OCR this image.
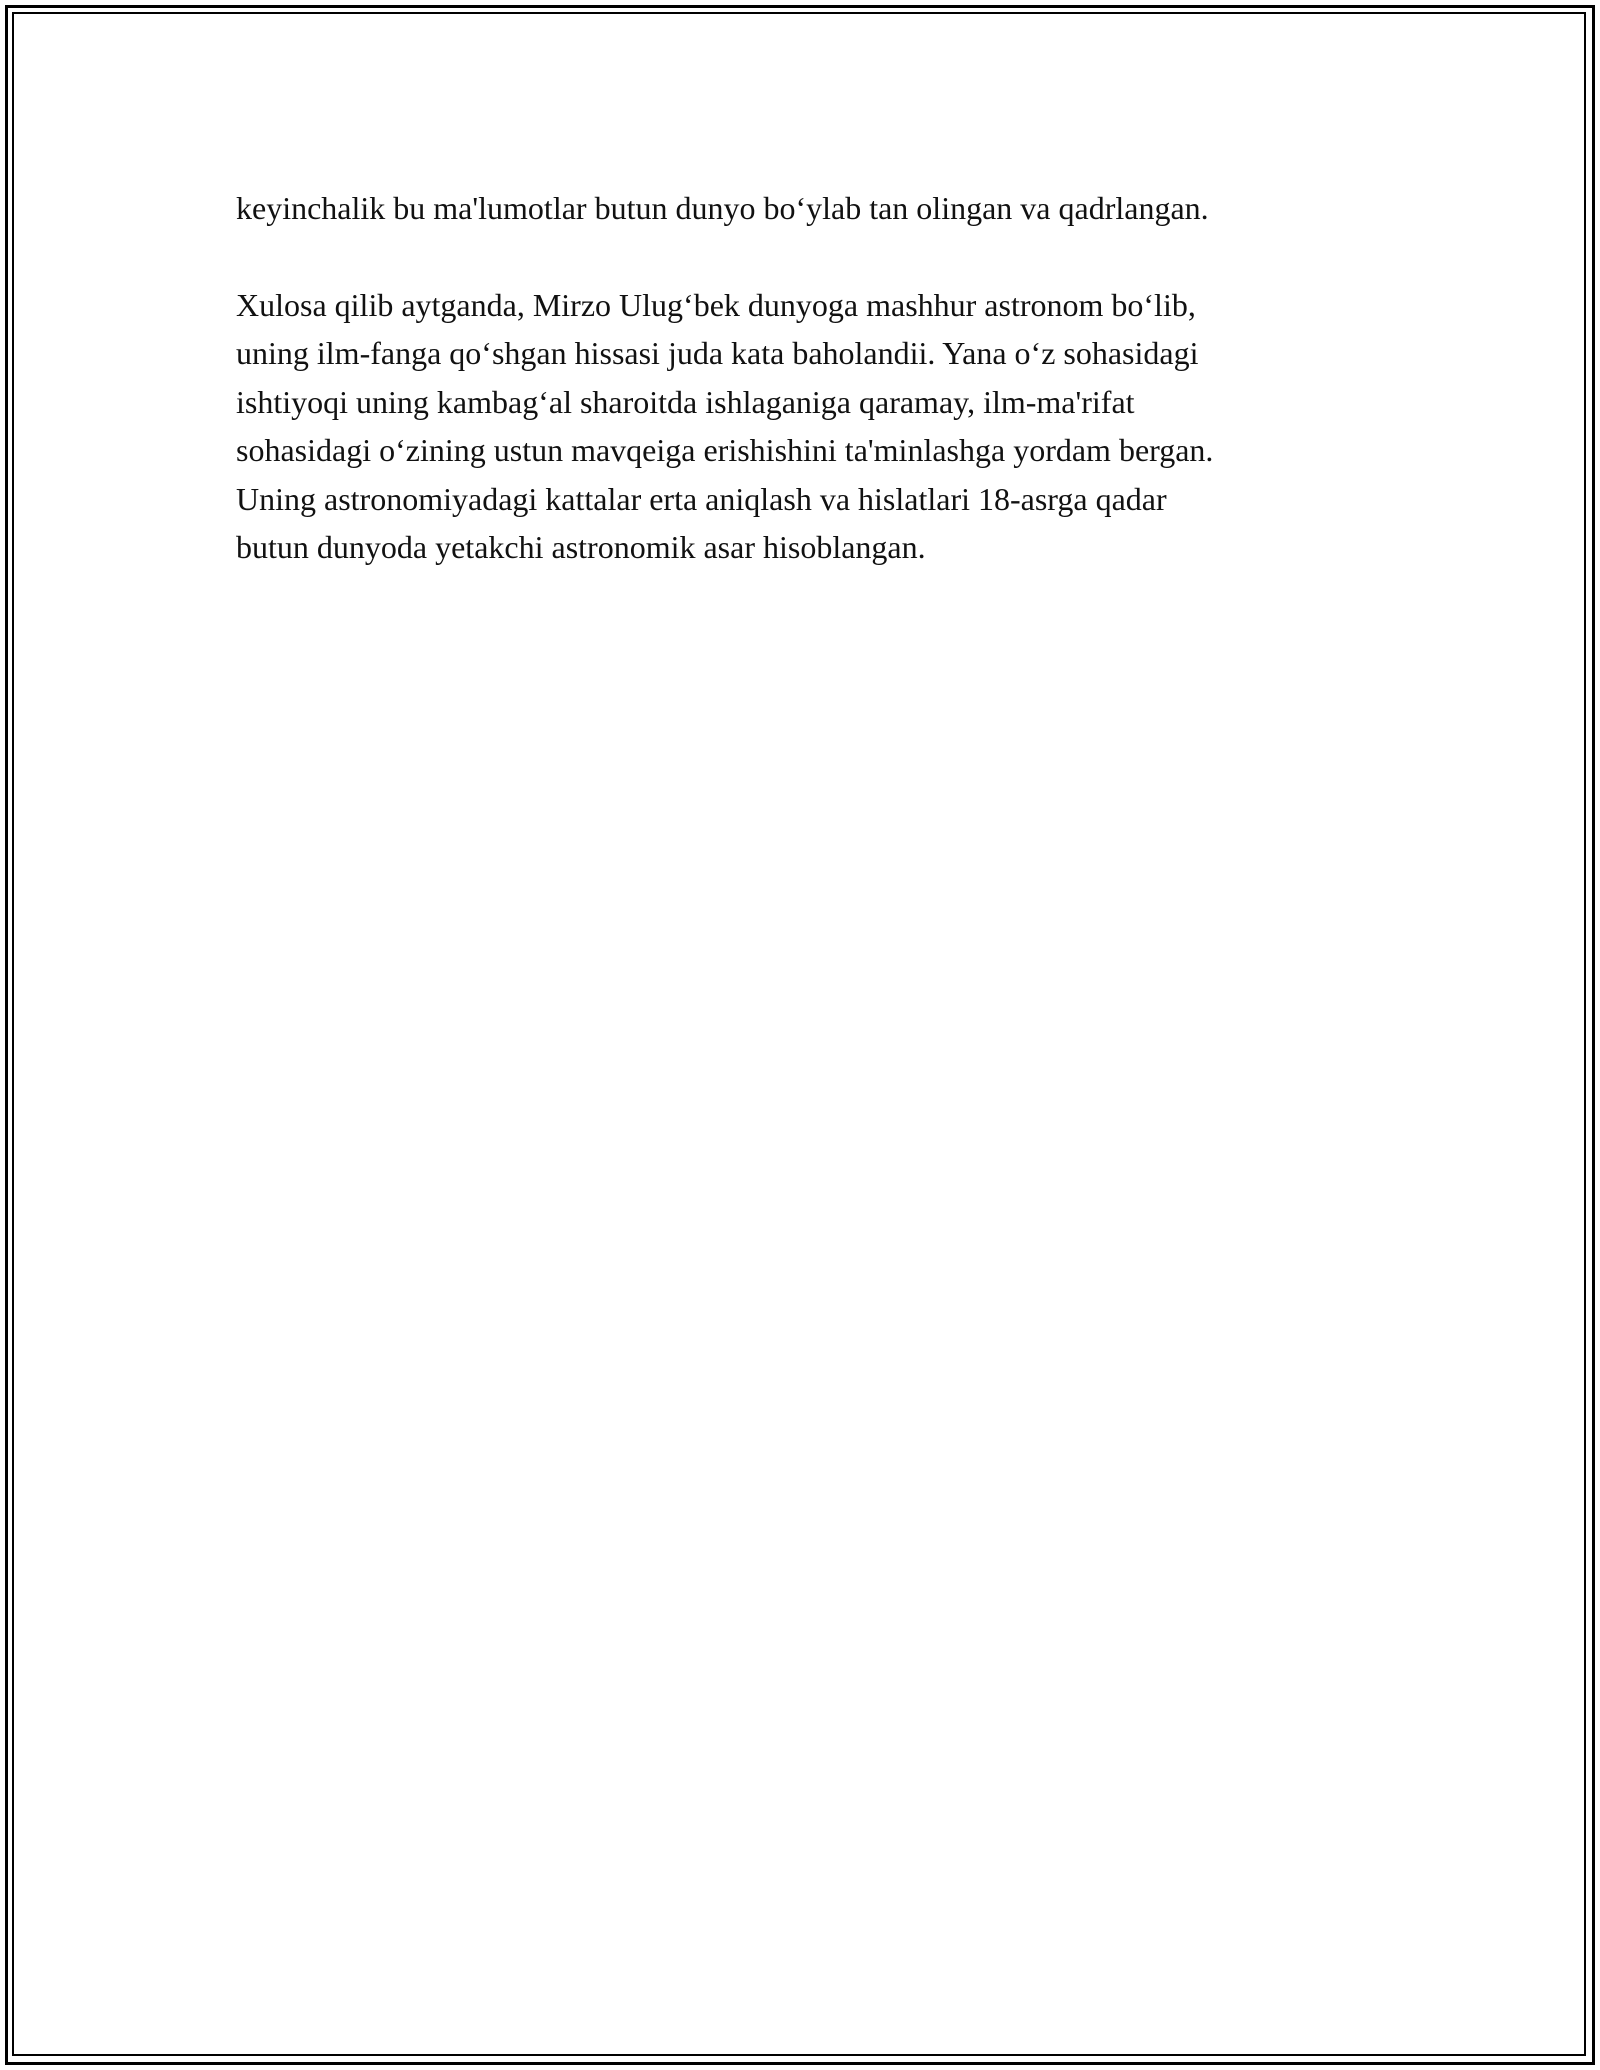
keyinchalik bu ma'lumotlar butun dunyo bo‘ylab tan olingan va qadrlangan.

Xulosa qilib aytganda, Mirzo Ulug‘bek dunyoga mashhur astronom bo‘lib,
uning ilm-fanga qo‘shgan hissasi juda kata baholandii. Yana o‘z sohasidagi
ishtiyoqi uning kambag‘al sharoitda ishlaganiga qaramay, ilm-ma'rifat
sohasidagi o‘zining ustun mavqeiga erishishini ta'minlashga yordam bergan.
Uning astronomiyadagi kattalar erta aniqlash va hislatlari 18-asrga qadar
butun dunyoda yetakchi astronomik asar hisoblangan.
